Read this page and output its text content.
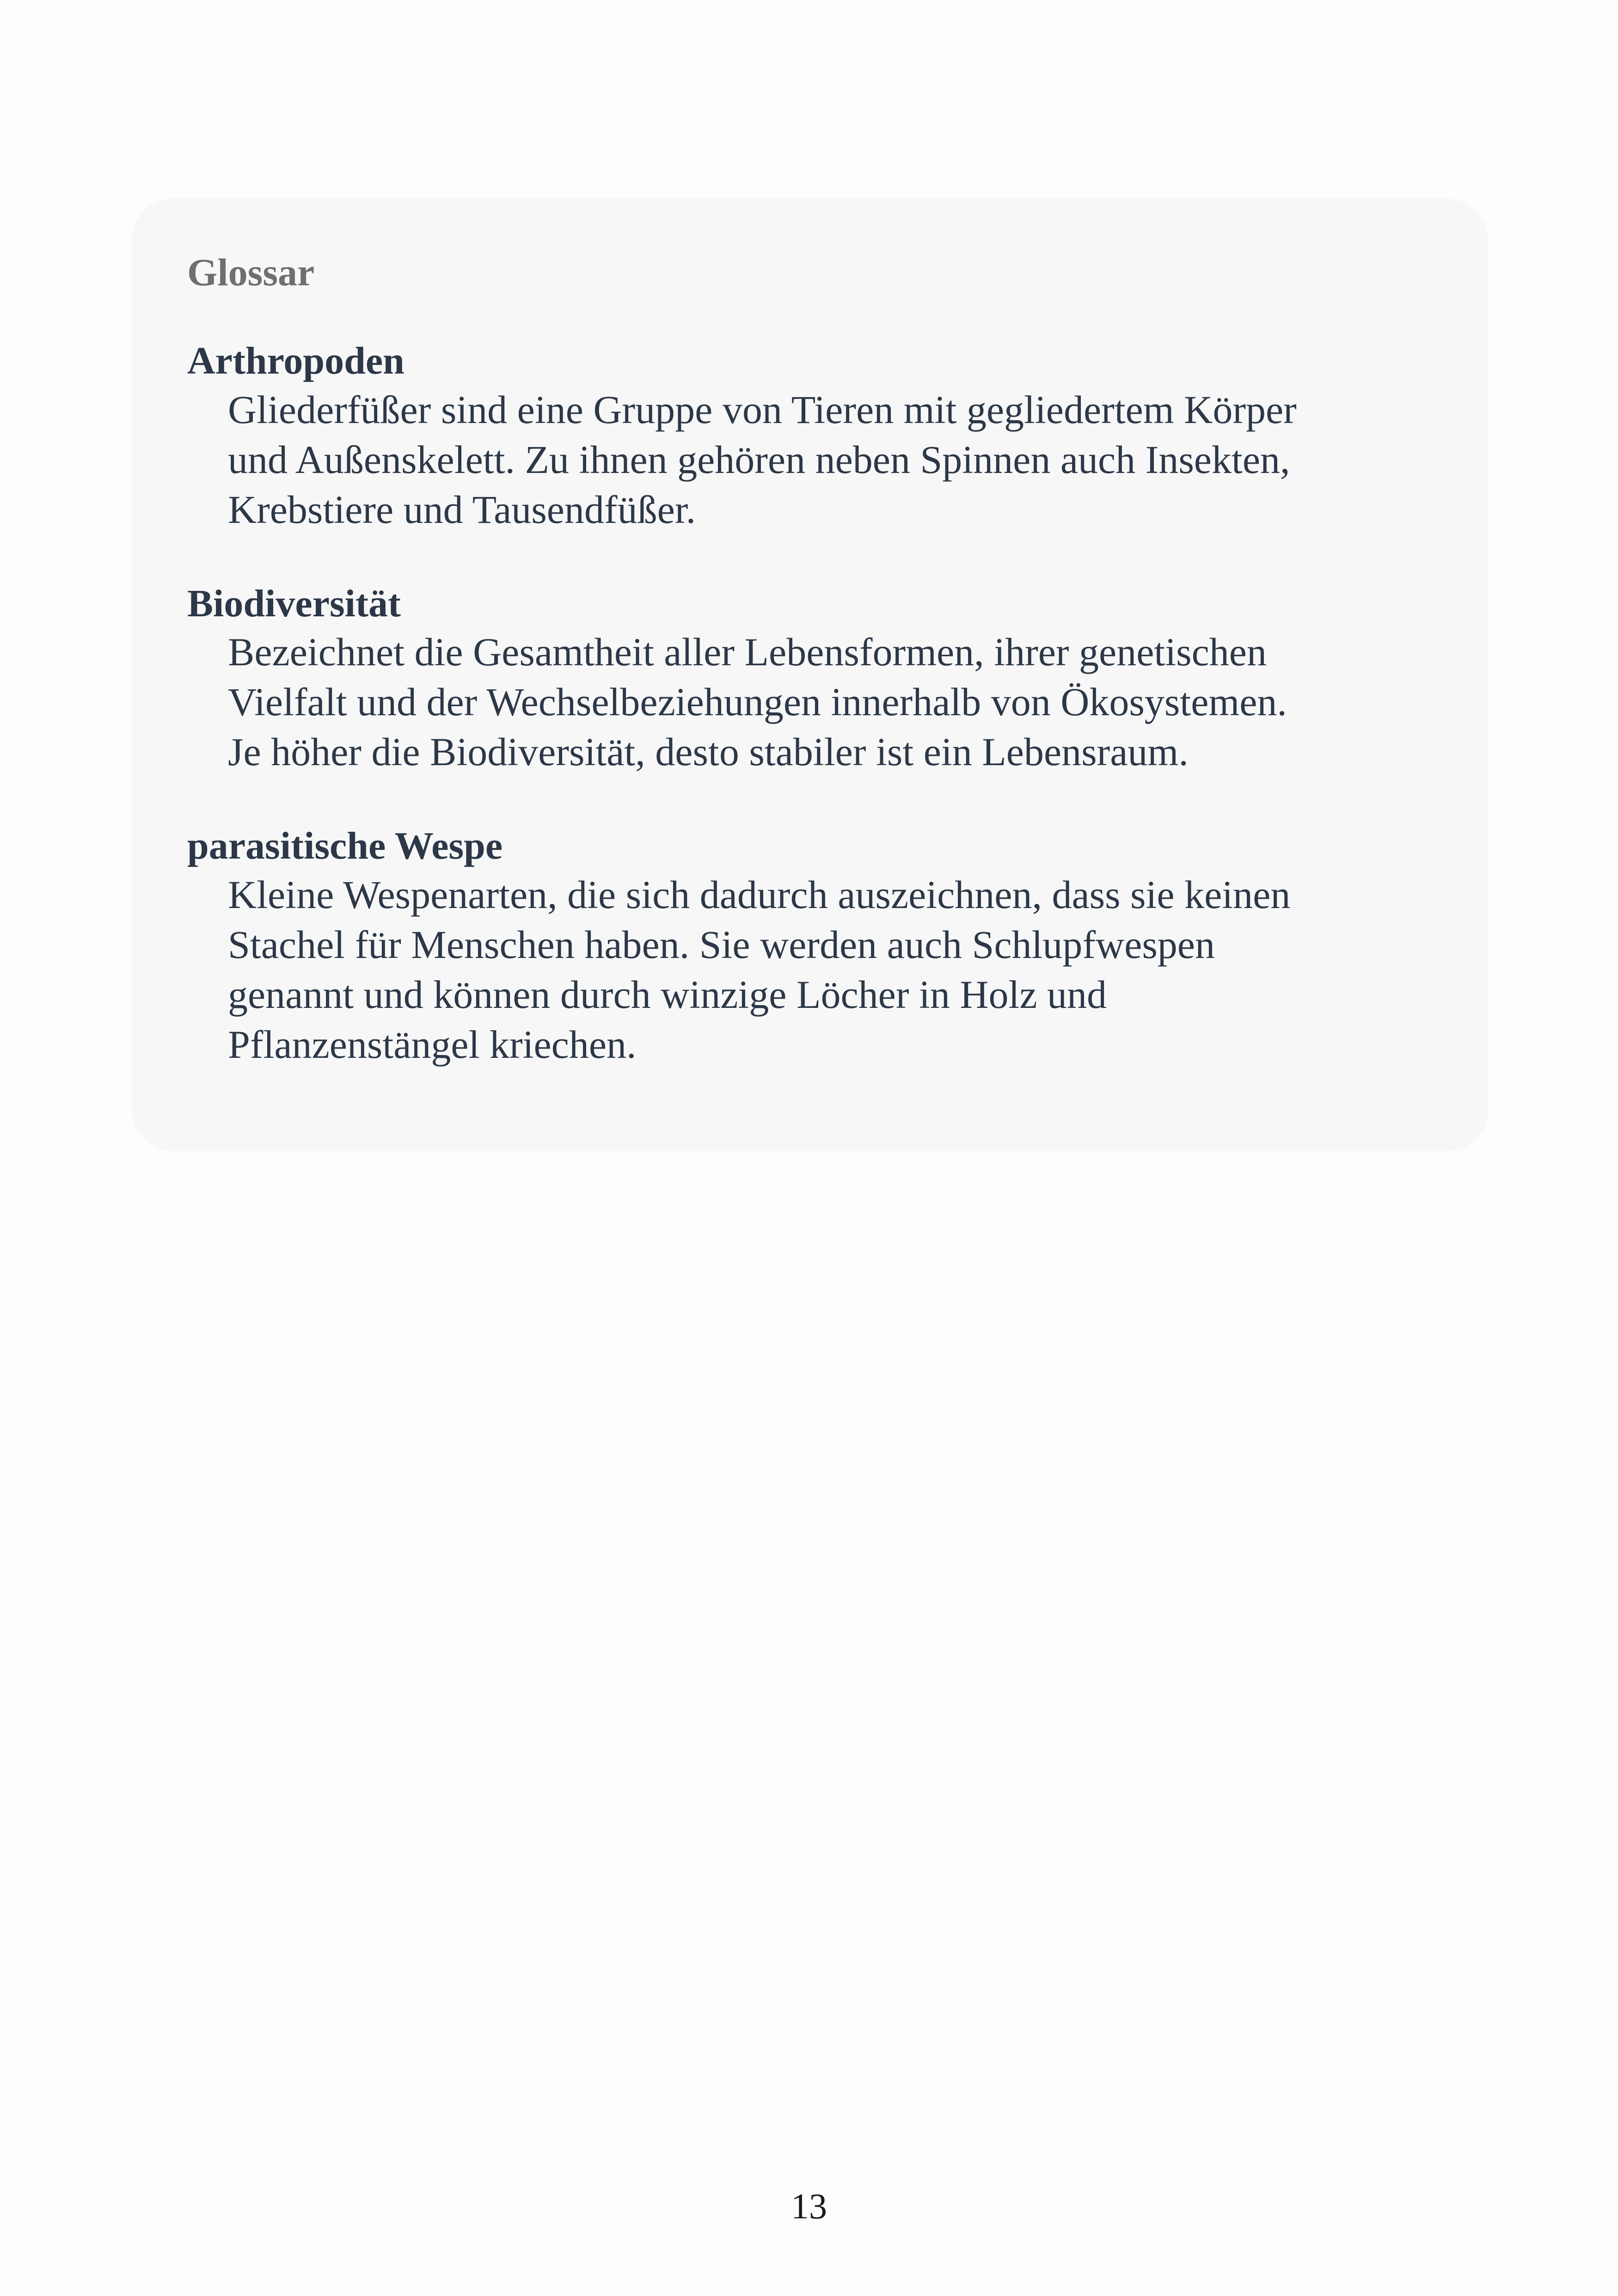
Glossar
Arthropoden
Gliederfüßer sind eine Gruppe von Tieren mit gegliedertem Körper
und Außenskelett. Zu ihnen gehören neben Spinnen auch Insekten,
Krebstiere und Tausendfüßer.
Biodiversität
Bezeichnet die Gesamtheit aller Lebensformen, ihrer genetischen
Vielfalt und der Wechselbeziehungen innerhalb von Ökosystemen.
Je höher die Biodiversität, desto stabiler ist ein Lebensraum.
parasitische Wespe
Kleine Wespenarten, die sich dadurch auszeichnen, dass sie keinen
Stachel für Menschen haben. Sie werden auch Schlupfwespen
genannt und können durch winzige Löcher in Holz und
Pflanzenstängel kriechen.
13
